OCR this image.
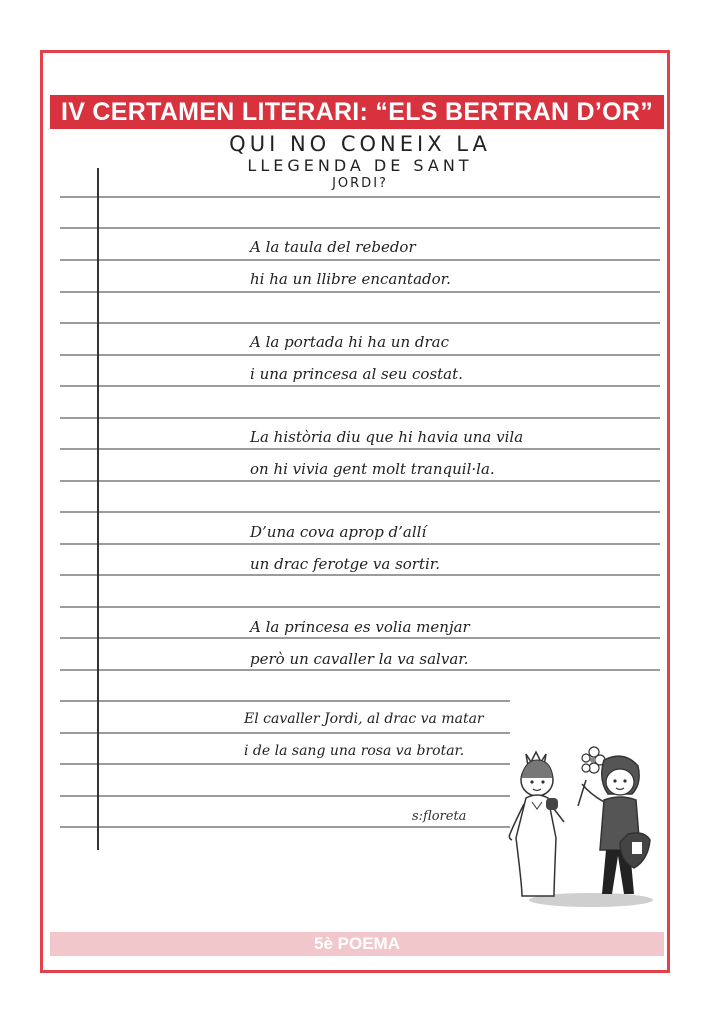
IV CERTAMEN LITERARI: “ELS BERTRAN D’OR”
QUI NO CONEIX LA
LLEGENDA DE SANT
JORDI?
A la taula del rebedor
hi ha un llibre encantador.
A la portada hi ha un drac
i una princesa al seu costat.
La història diu que hi havia una vila
on hi vivia gent molt tranquil·la.
D’una cova aprop d’allí
un drac ferotge va sortir.
A la princesa es volia menjar
però un cavaller la va salvar.
El cavaller Jordi, al drac va matar
i de la sang una rosa va brotar.
s:floreta
5è POEMA
